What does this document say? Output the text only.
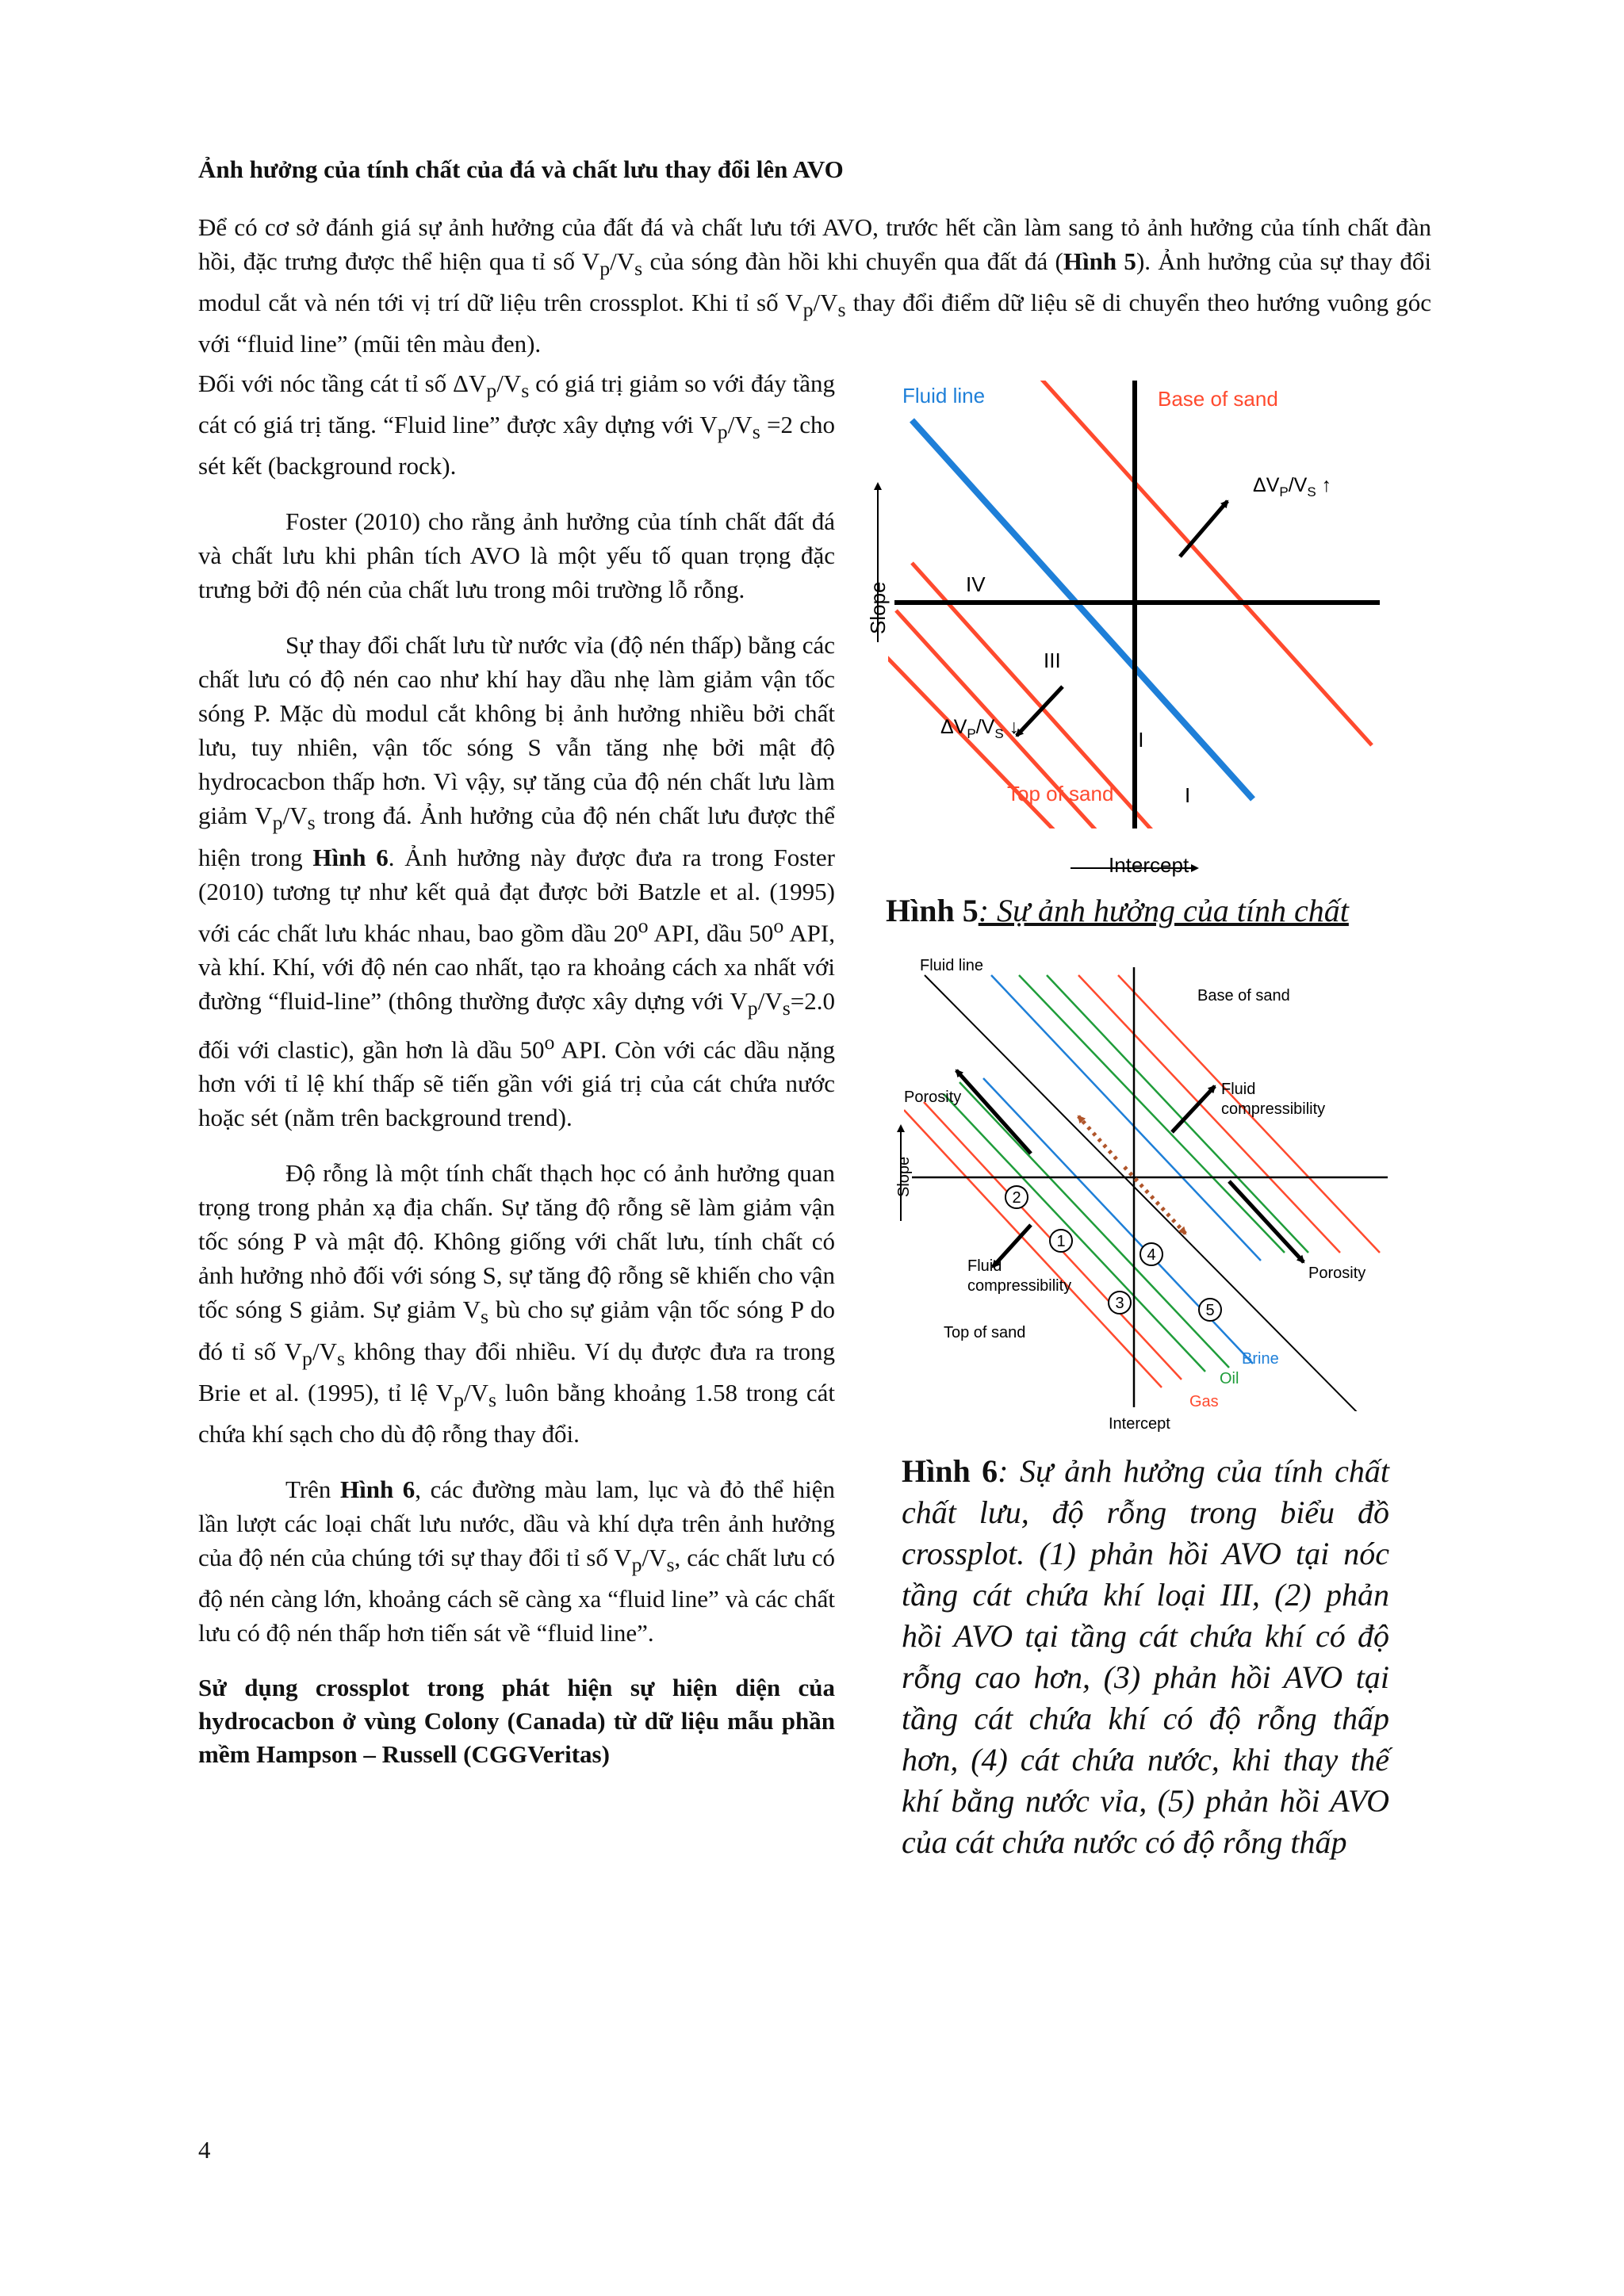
Ảnh hưởng của tính chất của đá và chất lưu thay đổi lên AVO
Để có cơ sở đánh giá sự ảnh hưởng của đất đá và chất lưu tới AVO, trước hết cần làm sang tỏ ảnh hưởng của tính chất đàn hồi, đặc trưng được thể hiện qua tỉ số $V_p/V_s$ của sóng đàn hồi khi chuyển qua đất đá (Hình 5). Ảnh hưởng của sự thay đổi modul cắt và nén tới vị trí dữ liệu trên crossplot. Khi tỉ số $V_p/V_s$ thay đổi điểm dữ liệu sẽ di chuyển theo hướng vuông góc với “fluid line” (mũi tên màu đen).

Đối với nóc tầng cát tỉ số $\Delta V_p/V_s$ có giá trị giảm so với đáy tầng cát có giá trị tăng. “Fluid line” được xây dựng với $V_p/V_s =2$ cho sét kết (background rock).

Foster (2010) cho rằng ảnh hưởng của tính chất đất đá và chất lưu khi phân tích AVO là một yếu tố quan trọng đặc trưng bởi độ nén của chất lưu trong môi trường lỗ rỗng.

Sự thay đổi chất lưu từ nước vỉa (độ nén thấp) bằng các chất lưu có độ nén cao như khí hay dầu nhẹ làm giảm vận tốc sóng P. Mặc dù modul cắt không bị ảnh hưởng nhiều bởi chất lưu, tuy nhiên, vận tốc sóng S vẫn tăng nhẹ bởi mật độ hydrocacbon thấp hơn. Vì vậy, sự tăng của độ nén chất lưu làm giảm $V_p/V_s$ trong đá. Ảnh hưởng của độ nén chất lưu được thể hiện trong Hình 6. Ảnh hưởng này được đưa ra trong Foster (2010) tương tự như kết quả đạt được bởi Batzle et al. (1995) với các chất lưu khác nhau, bao gồm dầu 20$^o$ API, dầu 50$^o$ API, và khí. Khí, với độ nén cao nhất, tạo ra khoảng cách xa nhất với đường “fluid-line” (thông thường được xây dựng với $V_p/V_s=2.0$ đối với clastic), gần hơn là dầu 50$^o$ API. Còn với các dầu nặng hơn với tỉ lệ khí thấp sẽ tiến gần với giá trị của cát chứa nước hoặc sét (nằm trên background trend).

Độ rỗng là một tính chất thạch học có ảnh hưởng quan trọng trong phản xạ địa chấn. Sự tăng độ rỗng sẽ làm giảm vận tốc sóng P và mật độ. Không giống với chất lưu, tính chất có ảnh hưởng nhỏ đối với sóng S, sự tăng độ rỗng sẽ khiến cho vận tốc sóng S giảm. Sự giảm $V_s$ bù cho sự giảm vận tốc sóng P do đó tỉ số $V_p/V_s$ không thay đổi nhiều. Ví dụ được đưa ra trong Brie et al. (1995), tỉ lệ $V_p/V_s$ luôn bằng khoảng 1.58 trong cát chứa khí sạch cho dù độ rỗng thay đổi.

Trên Hình 6, các đường màu lam, lục và đỏ thể hiện lần lượt các loại chất lưu nước, dầu và khí dựa trên ảnh hưởng của độ nén của chúng tới sự thay đổi tỉ số $V_p/V_s$, các chất lưu có độ nén càng lớn, khoảng cách sẽ càng xa “fluid line” và các chất lưu có độ nén thấp hơn tiến sát về “fluid line”.

Sử dụng crossplot trong phát hiện sự hiện diện của hydrocacbon ở vùng Colony (Canada) từ dữ liệu mẫu phần mềm Hampson – Russell (CGGVeritas)

Fluid line	Base of sand
Top of sand
$\Delta V_P/V_S$ ↑
$\Delta V_P/V_S$ ↓
IV
III
II
I
Slope
Intercept
Hình 5: Sự ảnh hưởng của tính chất
2
1
4
3	5
Fluid line
Base of sand
Porosity	Fluid
compressibility
Porosity
Fluid
compressibility
Top of sand
Brine
Oil
Gas
Slope
Intercept
Hình 6: Sự ảnh hưởng của tính chất chất lưu, độ rỗng trong biểu đồ crossplot. (1) phản hồi AVO tại nóc tầng cát chứa khí loại III, (2) phản hồi AVO tại tầng cát chứa khí có độ rỗng cao hơn, (3) phản hồi AVO tại tầng cát chứa khí có độ rỗng thấp hơn, (4) cát chứa nước, khi thay thế khí bằng nước vỉa, (5) phản hồi AVO của cát chứa nước có độ rỗng thấp
4
